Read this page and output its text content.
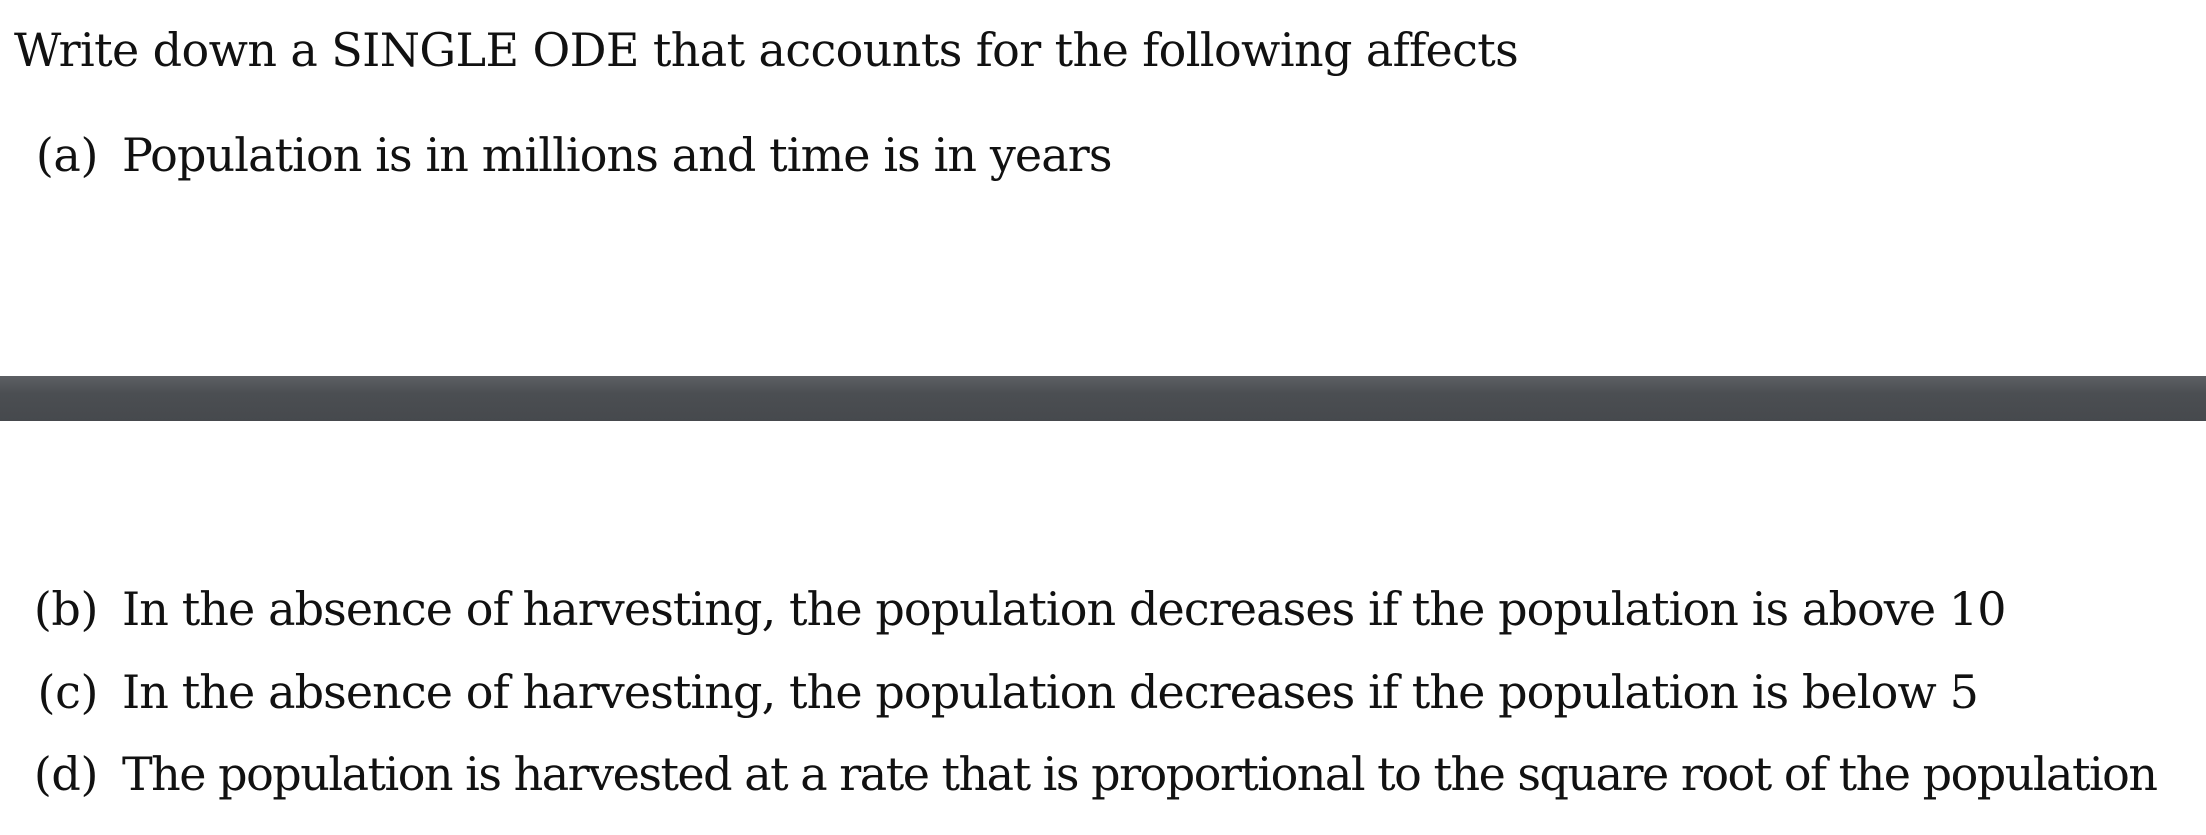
Write down a SINGLE ODE that accounts for the following affects
(a) Population is in millions and time is in years
(b) In the absence of harvesting, the population decreases if the population is above 10
(c) In the absence of harvesting, the population decreases if the population is below 5
(d) The population is harvested at a rate that is proportional to the square root of the population
